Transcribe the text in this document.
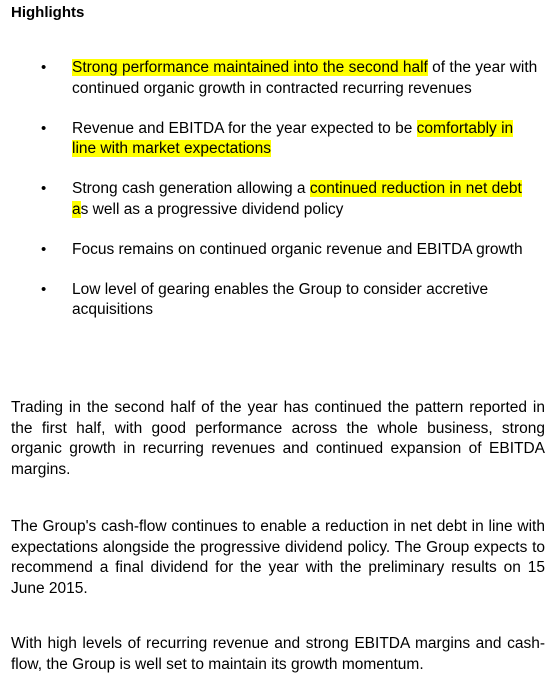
Highlights
• Strong performance maintained into the second half of the year with continued organic growth in contracted recurring revenues
• Revenue and EBITDA for the year expected to be comfortably in line with market expectations
• Strong cash generation allowing a continued reduction in net debt as well as a progressive dividend policy
• Focus remains on continued organic revenue and EBITDA growth
• Low level of gearing enables the Group to consider accretive acquisitions

Trading in the second half of the year has continued the pattern reported in the first half, with good performance across the whole business, strong organic growth in recurring revenues and continued expansion of EBITDA margins.

The Group's cash-flow continues to enable a reduction in net debt in line with expectations alongside the progressive dividend policy. The Group expects to recommend a final dividend for the year with the preliminary results on 15 June 2015.

With high levels of recurring revenue and strong EBITDA margins and cash-flow, the Group is well set to maintain its growth momentum.
